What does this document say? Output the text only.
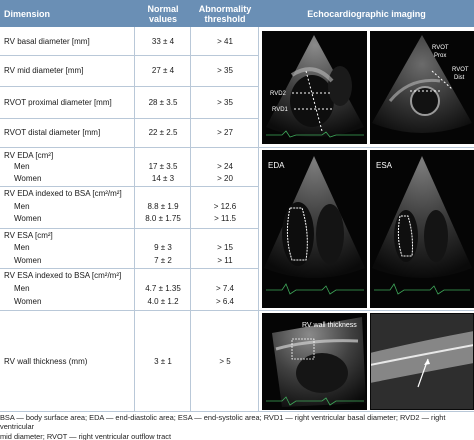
Dimension	Normal
values
Abnormality
threshold	Echocardiographic imaging
RV basal diameter [mm]	33 ± 4	> 41
RV mid diameter [mm]	27 ± 4	> 35
RVOT proximal diameter [mm]	28 ± 3.5	> 35
RVOT distal diameter [mm]	22 ± 2.5	> 27
RV EDA [cm²]
Men	17 ± 3.5	> 24
Women	14 ± 3	> 20
RV EDA indexed to BSA [cm²/m²]
Men	8.8 ± 1.9	> 12.6
Women	8.0 ± 1.75	> 11.5
RV ESA [cm²]
Men	9 ± 3	> 15
Women	7 ± 2	> 11
RV ESA indexed to BSA [cm²/m²]
Men	4.7 ± 1.35	> 7.4
Women	4.0 ± 1.2	> 6.4
RV wall thickness (mm)	3 ± 1	> 5
RVD2
RVD1
RVOT
Prox
RVOT
Dist
EDA	ESA
RV wall thickness
BSA — body surface area; EDA — end-diastolic area; ESA — end-systolic area; RVD1 — right ventricular basal diameter; RVD2 — right ventricular
mid diameter; RVOT — right ventricular outflow tract
